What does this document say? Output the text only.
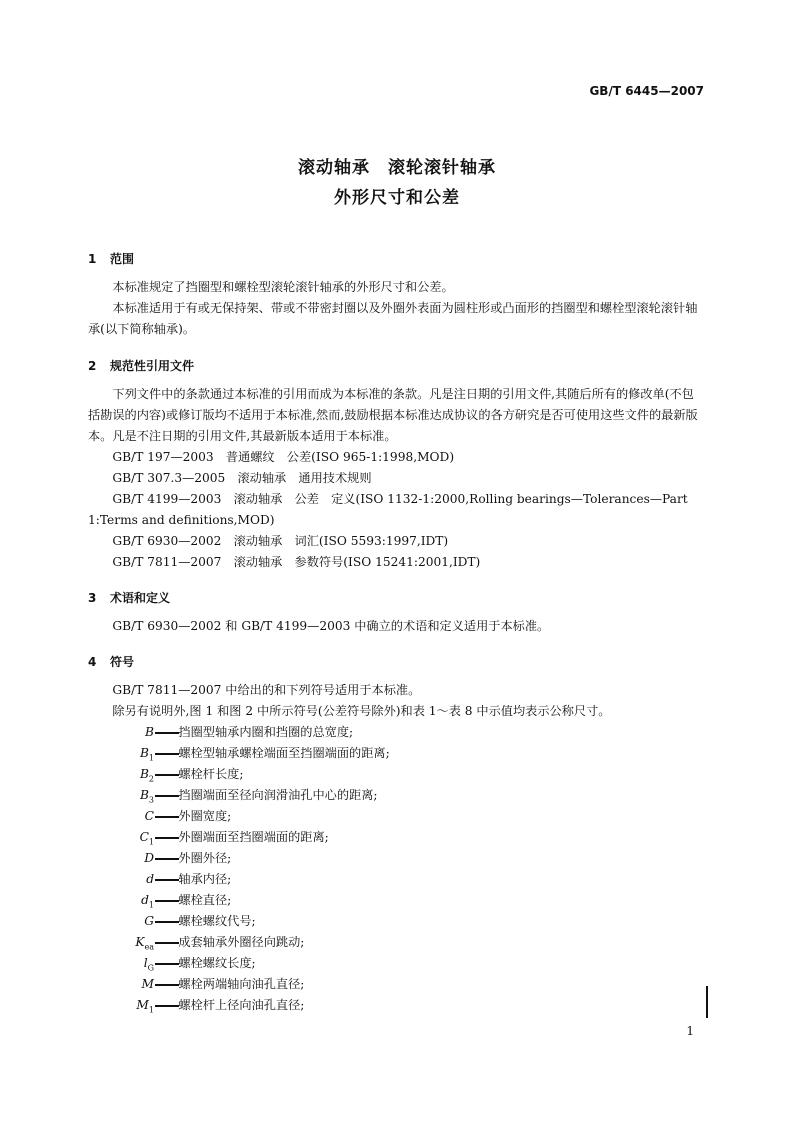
GB/T 6445—2007
滚动轴承　滚轮滚针轴承
外形尺寸和公差
1 范围
本标准规定了挡圈型和螺栓型滚轮滚针轴承的外形尺寸和公差。
本标准适用于有或无保持架、带或不带密封圈以及外圈外表面为圆柱形或凸面形的挡圈型和螺栓型滚轮滚针轴承(以下简称轴承)。
2 规范性引用文件
下列文件中的条款通过本标准的引用而成为本标准的条款。凡是注日期的引用文件,其随后所有的修改单(不包括勘误的内容)或修订版均不适用于本标准,然而,鼓励根据本标准达成协议的各方研究是否可使用这些文件的最新版本。凡是不注日期的引用文件,其最新版本适用于本标准。
GB/T 197—2003　普通螺纹　公差(ISO 965-1:1998,MOD)
GB/T 307.3—2005　滚动轴承　通用技术规则
GB/T 4199—2003　滚动轴承　公差　定义(ISO 1132-1:2000,Rolling bearings—Tolerances—Part 1:Terms and definitions,MOD)
GB/T 6930—2002　滚动轴承　词汇(ISO 5593:1997,IDT)
GB/T 7811—2007　滚动轴承　参数符号(ISO 15241:2001,IDT)
3 术语和定义
GB/T 6930—2002 和 GB/T 4199—2003 中确立的术语和定义适用于本标准。
4 符号
GB/T 7811—2007 中给出的和下列符号适用于本标准。
除另有说明外,图 1 和图 2 中所示符号(公差符号除外)和表 1～表 8 中示值均表示公称尺寸。
B 挡圈型轴承内圈和挡圈的总宽度;
$B_1$ 螺栓型轴承螺栓端面至挡圈端面的距离;
$B_2$ 螺栓杆长度;
$B_3$ 挡圈端面至径向润滑油孔中心的距离;
C 外圈宽度;
$C_1$ 外圈端面至挡圈端面的距离;
D 外圈外径;
d 轴承内径;
$d_1$ 螺栓直径;
G 螺栓螺纹代号;
$K_{ea}$ 成套轴承外圈径向跳动;
$l_G$ 螺栓螺纹长度;
M 螺栓两端轴向油孔直径;
$M_1$ 螺栓杆上径向油孔直径;
1
